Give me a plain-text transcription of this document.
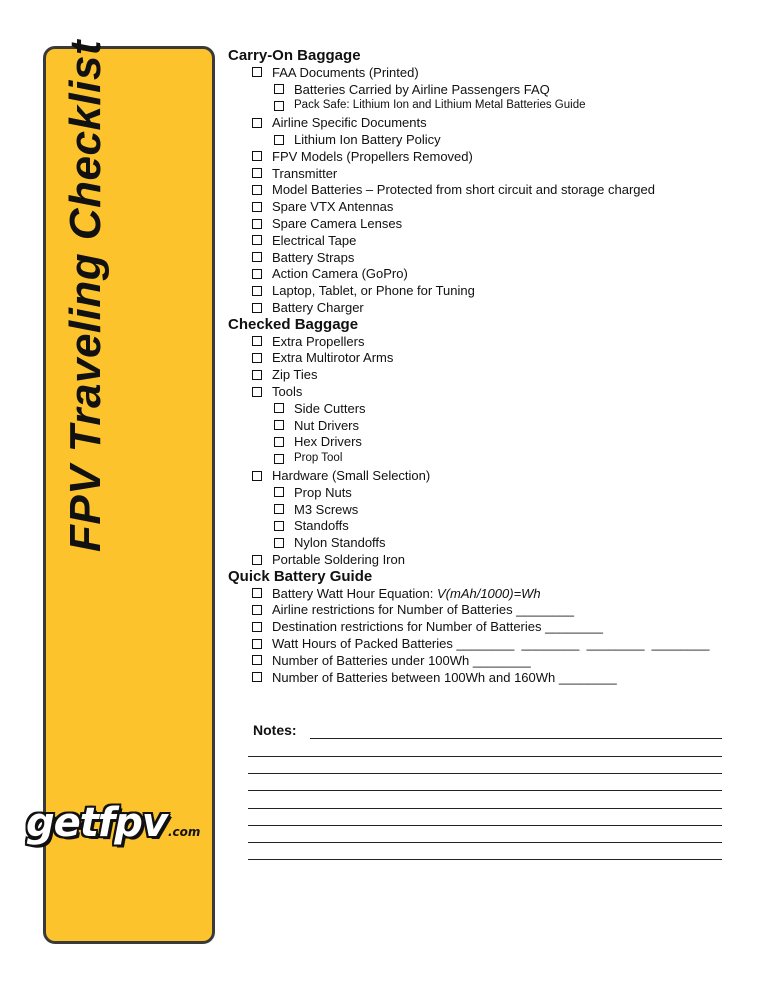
FPV Traveling Checklist
getfpv.com
Carry-On Baggage
FAA Documents (Printed)
Batteries Carried by Airline Passengers FAQ
Pack Safe: Lithium Ion and Lithium Metal Batteries Guide
Airline Specific Documents
Lithium Ion Battery Policy
FPV Models (Propellers Removed)
Transmitter
Model Batteries – Protected from short circuit and storage charged
Spare VTX Antennas
Spare Camera Lenses
Electrical Tape
Battery Straps
Action Camera (GoPro)
Laptop, Tablet, or Phone for Tuning
Battery Charger
Checked Baggage
Extra Propellers
Extra Multirotor Arms
Zip Ties
Tools
Side Cutters
Nut Drivers
Hex Drivers
Prop Tool
Hardware (Small Selection)
Prop Nuts
M3 Screws
Standoffs
Nylon Standoffs
Portable Soldering Iron
Quick Battery Guide
Battery Watt Hour Equation: V(mAh/1000)=Wh
Airline restrictions for Number of Batteries ________
Destination restrictions for Number of Batteries ________
Watt Hours of Packed Batteries ________  ________  ________  ________
Number of Batteries under 100Wh ________
Number of Batteries between 100Wh and 160Wh ________
Notes:
